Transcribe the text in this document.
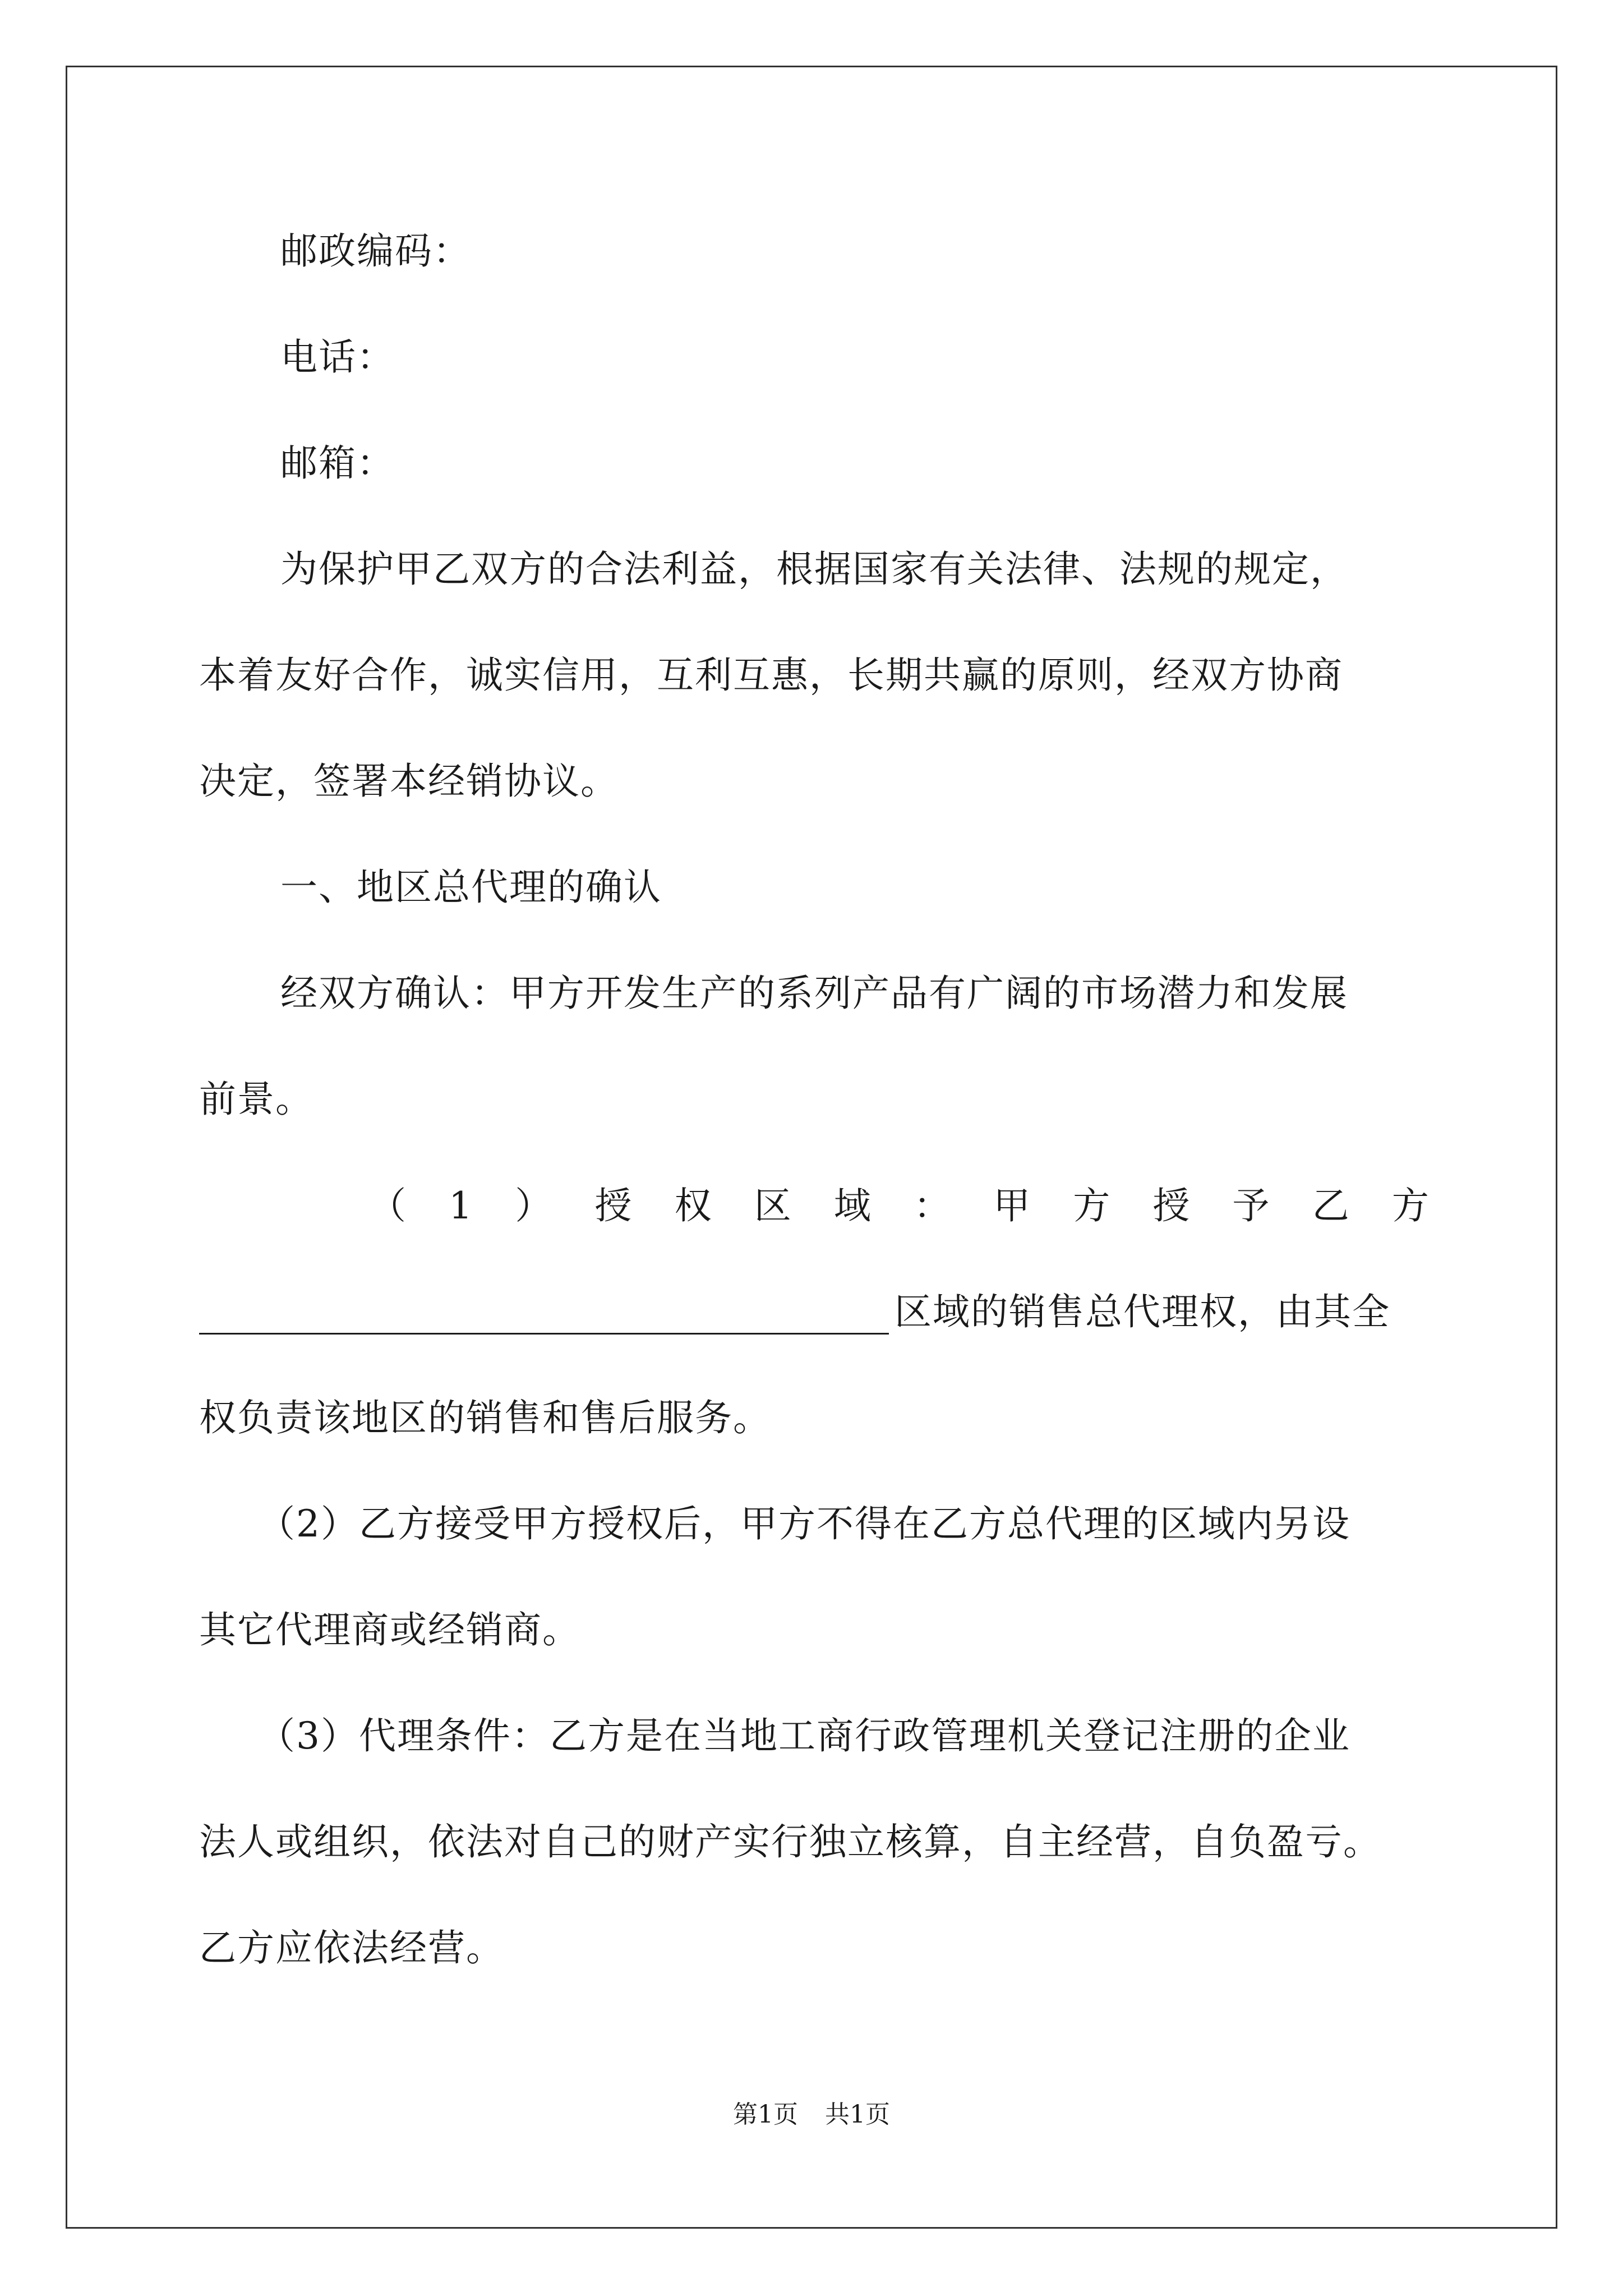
邮政编码：
电话：
邮箱：
为保护甲乙双方的合法利益，根据国家有关法律、法规的规定，
本着友好合作，诚实信用，互利互惠，长期共赢的原则，经双方协商
决定，签署本经销协议。
一、地区总代理的确认
经双方确认：甲方开发生产的系列产品有广阔的市场潜力和发展
前景。
（ 1 ） 授 权 区 域 ： 甲 方 授 予 乙 方
区域的销售总代理权，由其全
权负责该地区的销售和售后服务。
（2）乙方接受甲方授权后，甲方不得在乙方总代理的区域内另设
其它代理商或经销商。
（3）代理条件：乙方是在当地工商行政管理机关登记注册的企业
法人或组织，依法对自己的财产实行独立核算，自主经营，自负盈亏。
乙方应依法经营。
第1页 共1页
